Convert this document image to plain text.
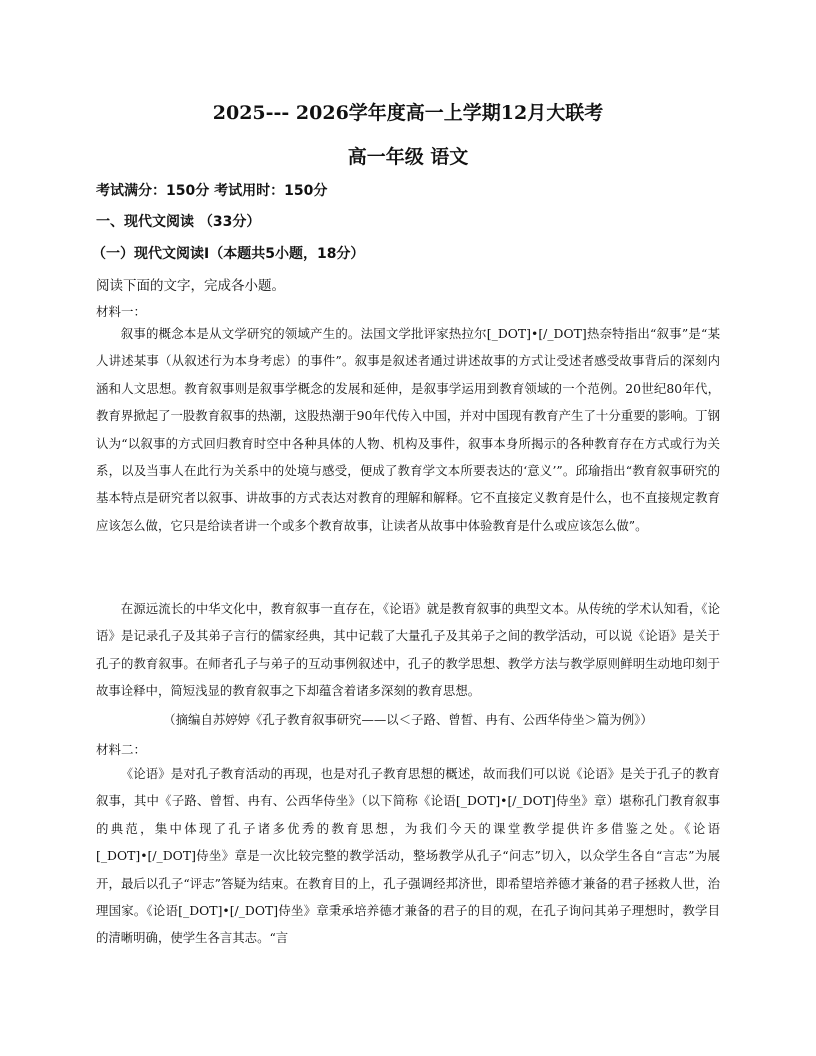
2025--- 2026学年度高一上学期12月大联考
高一年级 语文

考试满分：150分 考试用时：150分

一、现代文阅读 （33分）

（一）现代文阅读Ⅰ（本题共5小题，18分）

阅读下面的文字，完成各小题。

材料一：

叙事的概念本是从文学研究的领域产生的。法国文学批评家热拉尔[_DOT]•[/_DOT]热奈特指出“叙事”是“某人讲述某事（从叙述行为本身考虑）的事件”。叙事是叙述者通过讲述故事的方式让受述者感受故事背后的深刻内涵和人文思想。教育叙事则是叙事学概念的发展和延伸，是叙事学运用到教育领域的一个范例。20世纪80年代，教育界掀起了一股教育叙事的热潮，这股热潮于90年代传入中国，并对中国现有教育产生了十分重要的影响。丁钢认为“以叙事的方式回归教育时空中各种具体的人物、机构及事件，叙事本身所揭示的各种教育存在方式或行为关系，以及当事人在此行为关系中的处境与感受，便成了教育学文本所要表达的‘意义’”。邱瑜指出“教育叙事研究的基本特点是研究者以叙事、讲故事的方式表达对教育的理解和解释。它不直接定义教育是什么，也不直接规定教育应该怎么做，它只是给读者讲一个或多个教育故事，让读者从故事中体验教育是什么或应该怎么做”。

在源远流长的中华文化中，教育叙事一直存在，《论语》就是教育叙事的典型文本。从传统的学术认知看，《论语》是记录孔子及其弟子言行的儒家经典，其中记载了大量孔子及其弟子之间的教学活动，可以说《论语》是关于孔子的教育叙事。在师者孔子与弟子的互动事例叙述中，孔子的教学思想、教学方法与教学原则鲜明生动地印刻于故事诠释中，简短浅显的教育叙事之下却蕴含着诸多深刻的教育思想。

（摘编自苏婷婷《孔子教育叙事研究——以＜子路、曾皙、冉有、公西华侍坐＞篇为例》）

材料二：

《论语》是对孔子教育活动的再现，也是对孔子教育思想的概述，故而我们可以说《论语》是关于孔子的教育叙事，其中《子路、曾皙、冉有、公西华侍坐》（以下简称《论语[_DOT]•[/_DOT]侍坐》章）堪称孔门教育叙事的典范，集中体现了孔子诸多优秀的教育思想，为我们今天的课堂教学提供许多借鉴之处。《论语[_DOT]•[/_DOT]侍坐》章是一次比较完整的教学活动，整场教学从孔子“问志”切入，以众学生各自“言志”为展开，最后以孔子“评志”答疑为结束。在教育目的上，孔子强调经邦济世，即希望培养德才兼备的君子拯救人世，治理国家。《论语[_DOT]•[/_DOT]侍坐》章秉承培养德才兼备的君子的目的观，在孔子询问其弟子理想时，教学目的清晰明确，使学生各言其志。“言
